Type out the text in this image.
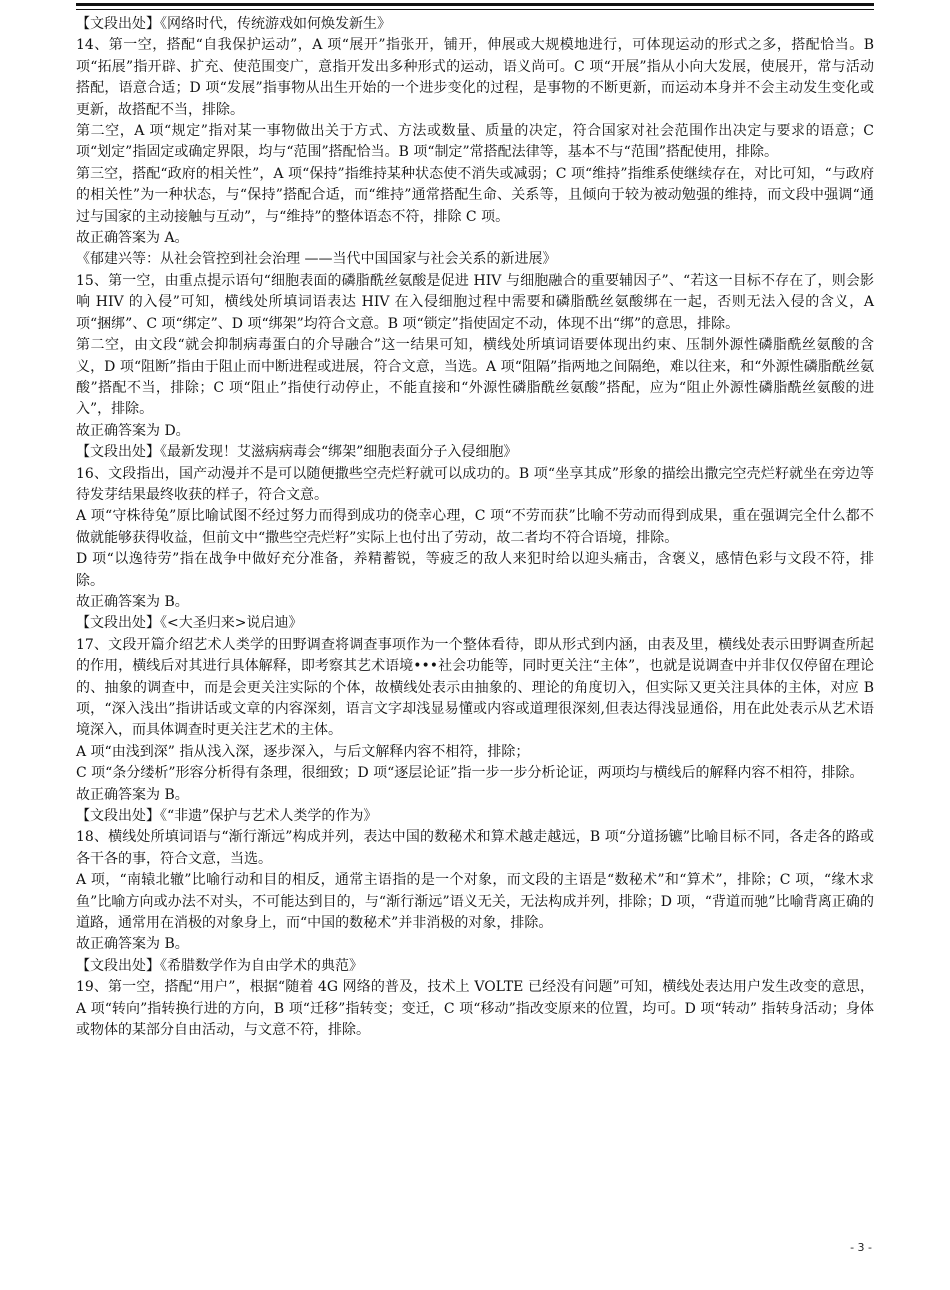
【文段出处】《网络时代，传统游戏如何焕发新生》

14、第一空，搭配“自我保护运动”，A 项“展开”指张开，铺开，伸展或大规模地进行，可体现运动的形式之多，搭配恰当。B 项“拓展”指开辟、扩充、使范围变广，意指开发出多种形式的运动，语义尚可。C 项“开展”指从小向大发展，使展开，常与活动搭配，语意合适；D 项“发展”指事物从出生开始的一个进步变化的过程，是事物的不断更新，而运动本身并不会主动发生变化或更新，故搭配不当，排除。

第二空，A 项“规定”指对某一事物做出关于方式、方法或数量、质量的决定，符合国家对社会范围作出决定与要求的语意；C 项“划定”指固定或确定界限，均与“范围”搭配恰当。B 项“制定”常搭配法律等，基本不与“范围”搭配使用，排除。

第三空，搭配“政府的相关性”，A 项“保持”指维持某种状态使不消失或减弱；C 项“维持”指维系使继续存在，对比可知，“与政府的相关性”为一种状态，与“保持”搭配合适，而“维持”通常搭配生命、关系等，且倾向于较为被动勉强的维持，而文段中强调“通过与国家的主动接触与互动”，与“维持”的整体语态不符，排除 C 项。

故正确答案为 A。

《郁建兴等：从社会管控到社会治理 ——当代中国国家与社会关系的新进展》

15、第一空，由重点提示语句“细胞表面的磷脂酰丝氨酸是促进 HIV 与细胞融合的重要辅因子”、“若这一目标不存在了，则会影响 HIV 的入侵”可知，横线处所填词语表达 HIV 在入侵细胞过程中需要和磷脂酰丝氨酸绑在一起，否则无法入侵的含义，A 项“捆绑”、C 项“绑定”、D 项“绑架”均符合文意。B 项“锁定”指使固定不动，体现不出“绑”的意思，排除。

第二空，由文段“就会抑制病毒蛋白的介导融合”这一结果可知，横线处所填词语要体现出约束、压制外源性磷脂酰丝氨酸的含义，D 项“阻断”指由于阻止而中断进程或进展，符合文意，当选。A 项“阻隔”指两地之间隔绝，难以往来，和“外源性磷脂酰丝氨酸”搭配不当，排除；C 项“阻止”指使行动停止，不能直接和“外源性磷脂酰丝氨酸”搭配，应为“阻止外源性磷脂酰丝氨酸的进入”，排除。

故正确答案为 D。

【文段出处】《最新发现！艾滋病病毒会“绑架”细胞表面分子入侵细胞》

16、文段指出，国产动漫并不是可以随便撒些空壳烂籽就可以成功的。B 项“坐享其成”形象的描绘出撒完空壳烂籽就坐在旁边等待发芽结果最终收获的样子，符合文意。

A 项“守株待兔”原比喻试图不经过努力而得到成功的侥幸心理，C 项“不劳而获”比喻不劳动而得到成果，重在强调完全什么都不做就能够获得收益，但前文中“撒些空壳烂籽”实际上也付出了劳动，故二者均不符合语境，排除。

D 项“以逸待劳”指在战争中做好充分准备，养精蓄锐，等疲乏的敌人来犯时给以迎头痛击，含褒义，感情色彩与文段不符，排除。

故正确答案为 B。

【文段出处】《<大圣归来>说启迪》

17、文段开篇介绍艺术人类学的田野调查将调查事项作为一个整体看待，即从形式到内涵，由表及里，横线处表示田野调查所起的作用，横线后对其进行具体解释，即考察其艺术语境•••社会功能等，同时更关注“主体”，也就是说调查中并非仅仅停留在理论的、抽象的调查中，而是会更关注实际的个体，故横线处表示由抽象的、理论的角度切入，但实际又更关注具体的主体，对应 B 项，“深入浅出”指讲话或文章的内容深刻，语言文字却浅显易懂或内容或道理很深刻,但表达得浅显通俗，用在此处表示从艺术语境深入，而具体调查时更关注艺术的主体。

A 项“由浅到深” 指从浅入深，逐步深入，与后文解释内容不相符，排除；

C 项“条分缕析”形容分析得有条理，很细致；D 项“逐层论证”指一步一步分析论证，两项均与横线后的解释内容不相符，排除。

故正确答案为 B。

【文段出处】《“非遗”保护与艺术人类学的作为》

18、横线处所填词语与“渐行渐远”构成并列，表达中国的数秘术和算术越走越远，B 项“分道扬镳”比喻目标不同，各走各的路或各干各的事，符合文意，当选。

A 项，“南辕北辙”比喻行动和目的相反，通常主语指的是一个对象，而文段的主语是“数秘术”和“算术”，排除；C 项，“缘木求鱼”比喻方向或办法不对头，不可能达到目的，与“渐行渐远”语义无关，无法构成并列，排除；D 项，“背道而驰”比喻背离正确的道路，通常用在消极的对象身上，而“中国的数秘术”并非消极的对象，排除。

故正确答案为 B。

【文段出处】《希腊数学作为自由学术的典范》

19、第一空，搭配“用户”，根据“随着 4G 网络的普及，技术上 VOLTE 已经没有问题”可知，横线处表达用户发生改变的意思，A 项“转向”指转换行进的方向，B 项“迁移”指转变；变迁，C 项“移动”指改变原来的位置，均可。D 项“转动” 指转身活动；身体或物体的某部分自由活动，与文意不符，排除。

- 3 -
